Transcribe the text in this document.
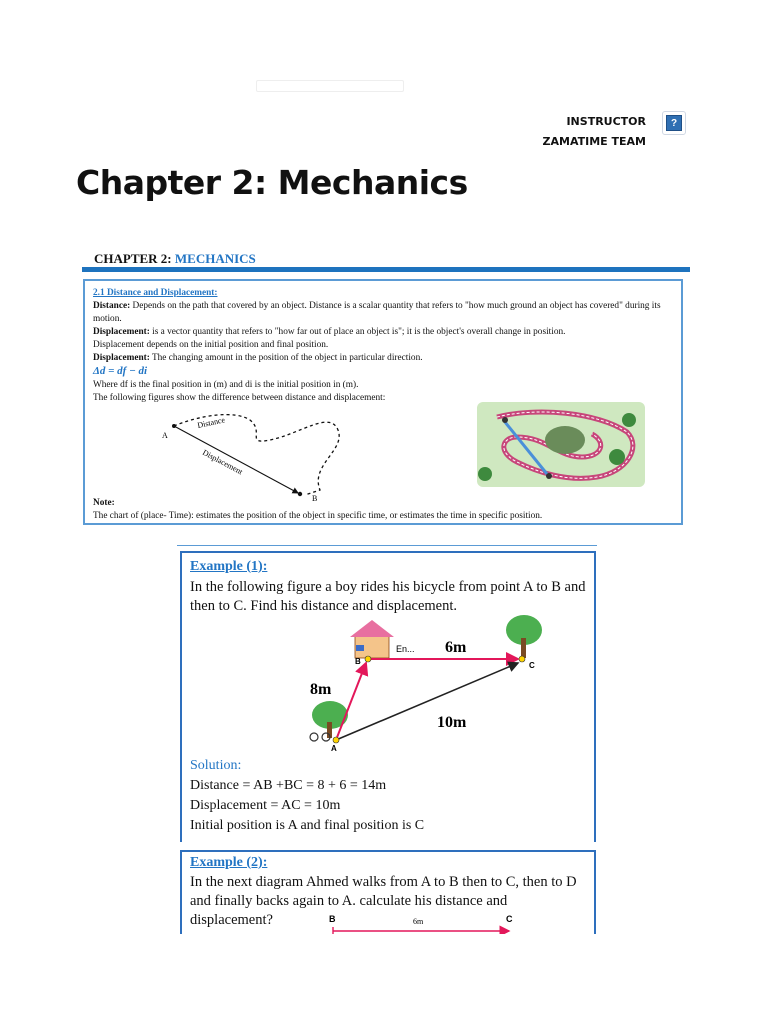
INSTRUCTOR
ZAMATIME TEAM
?
Chapter 2: Mechanics
CHAPTER 2: MECHANICS

2.1 Distance and Displacement:

Distance: Depends on the path that covered by an object. Distance is a scalar quantity that refers to "how much ground an object has covered" during its motion.

Displacement: is a vector quantity that refers to "how far out of place an object is"; it is the object's overall change in position.

Displacement depends on the initial position and final position.

Displacement: The changing amount in the position of the object in particular direction.

Δd = df − di

Where df is the final position in (m) and di is the initial position in (m).

The following figures show the difference between distance and displacement:

A
B
Distance
Displacement

Note:

The chart of (place- Time): estimates the position of the object in specific time, or estimates the time in specific position.

Example (1):
In the following figure a boy rides his bicycle from point A to B and then to C. Find his distance and displacement.
En...
A
B	C
8m
6m
10m

Solution:

Distance = AB +BC = 8 + 6 = 14m

Displacement = AC = 10m

Initial position is A and final position is C

Example (2):
In the next diagram Ahmed walks from A to B then to C, then to D and finally backs again to A. calculate his distance and displacement?	B	C
6m
